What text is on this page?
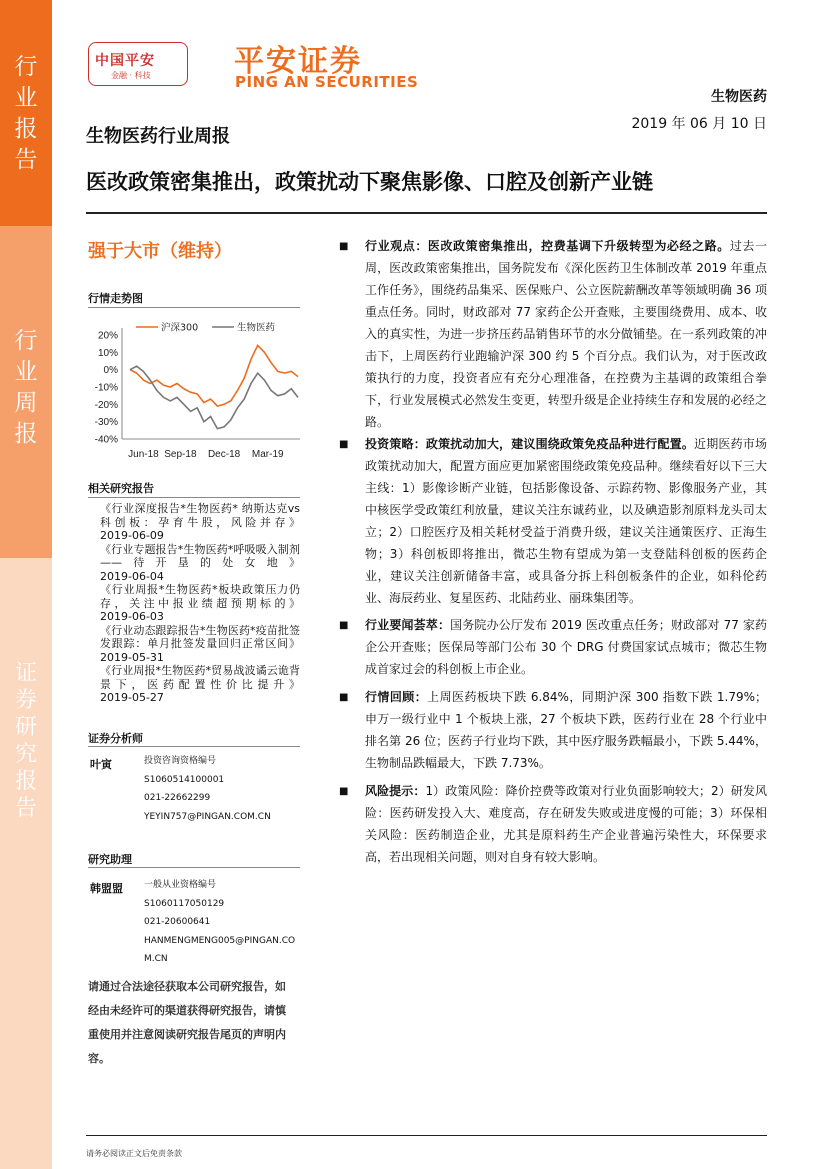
行
业
报
告
行
业
周
报
证
券
研
究
报
告
中国平安
金融 · 科技	平安证券
PING AN SECURITIES
生物医药
2019 年 06 月 10 日
生物医药行业周报
医改政策密集推出，政策扰动下聚焦影像、口腔及创新产业链
强于大市（维持）
行情走势图
20%
10%
0%
-10%
-20%
-30%
-40%
Jun-18 Sep-18 Dec-18 Mar-19
沪深300	生物医药
相关研究报告
《行业深度报告*生物医药* 纳斯达克vs科创板：孕育牛股，风险并存》
2019-06-09
《行业专题报告*生物医药*呼吸吸入制剂——待开垦的处女地》
2019-06-04
《行业周报*生物医药*板块政策压力仍存，关注中报业绩超预期标的》
2019-06-03
《行业动态跟踪报告*生物医药*疫苗批签发跟踪：单月批签发量回归正常区间》
2019-05-31
《行业周报*生物医药*贸易战波谲云诡背景下，医药配置性价比提升》
2019-05-27
证券分析师
叶寅	投资咨询资格编号
S1060514100001
021-22662299
YEYIN757@PINGAN.COM.CN
研究助理
韩盟盟 一般从业资格编号
S1060117050129
021-20600641
HANMENGMENG005@PINGAN.CO
M.CN
请通过合法途径获取本公司研究报告，如经由未经许可的渠道获得研究报告，请慎重使用并注意阅读研究报告尾页的声明内容。
■ 行业观点：医改政策密集推出，控费基调下升级转型为必经之路。过去一周，医改政策密集推出，国务院发布《深化医药卫生体制改革 2019 年重点工作任务》，围绕药品集采、医保账户、公立医院薪酬改革等领域明确 36 项重点任务。同时，财政部对 77 家药企公开查账，主要围绕费用、成本、收入的真实性，为进一步挤压药品销售环节的水分做铺垫。在一系列政策的冲击下，上周医药行业跑输沪深 300 约 5 个百分点。我们认为，对于医改政策执行的力度，投资者应有充分心理准备，在控费为主基调的政策组合拳下，行业发展模式必然发生变更，转型升级是企业持续生存和发展的必经之路。
■ 投资策略：政策扰动加大，建议围绕政策免疫品种进行配置。近期医药市场政策扰动加大，配置方面应更加紧密围绕政策免疫品种。继续看好以下三大主线：1）影像诊断产业链，包括影像设备、示踪药物、影像服务产业，其中核医学受政策红利放量，建议关注东诚药业，以及碘造影剂原料龙头司太立；2）口腔医疗及相关耗材受益于消费升级，建议关注通策医疗、正海生物；3）科创板即将推出，微芯生物有望成为第一支登陆科创板的医药企业，建议关注创新储备丰富，或具备分拆上科创板条件的企业，如科伦药业、海辰药业、复星医药、北陆药业、丽珠集团等。
■ 行业要闻荟萃：国务院办公厅发布 2019 医改重点任务；财政部对 77 家药企公开查账；医保局等部门公布 30 个 DRG 付费国家试点城市；微芯生物成首家过会的科创板上市企业。
■ 行情回顾：上周医药板块下跌 6.84%，同期沪深 300 指数下跌 1.79%；申万一级行业中 1 个板块上涨，27 个板块下跌，医药行业在 28 个行业中排名第 26 位；医药子行业均下跌，其中医疗服务跌幅最小，下跌 5.44%，生物制品跌幅最大，下跌 7.73%。
■ 风险提示：1）政策风险：降价控费等政策对行业负面影响较大；2）研发风险：医药研发投入大、难度高，存在研发失败或进度慢的可能；3）环保相关风险：医药制造企业，尤其是原料药生产企业普遍污染性大，环保要求高，若出现相关问题，则对自身有较大影响。
请务必阅读正文后免责条款
